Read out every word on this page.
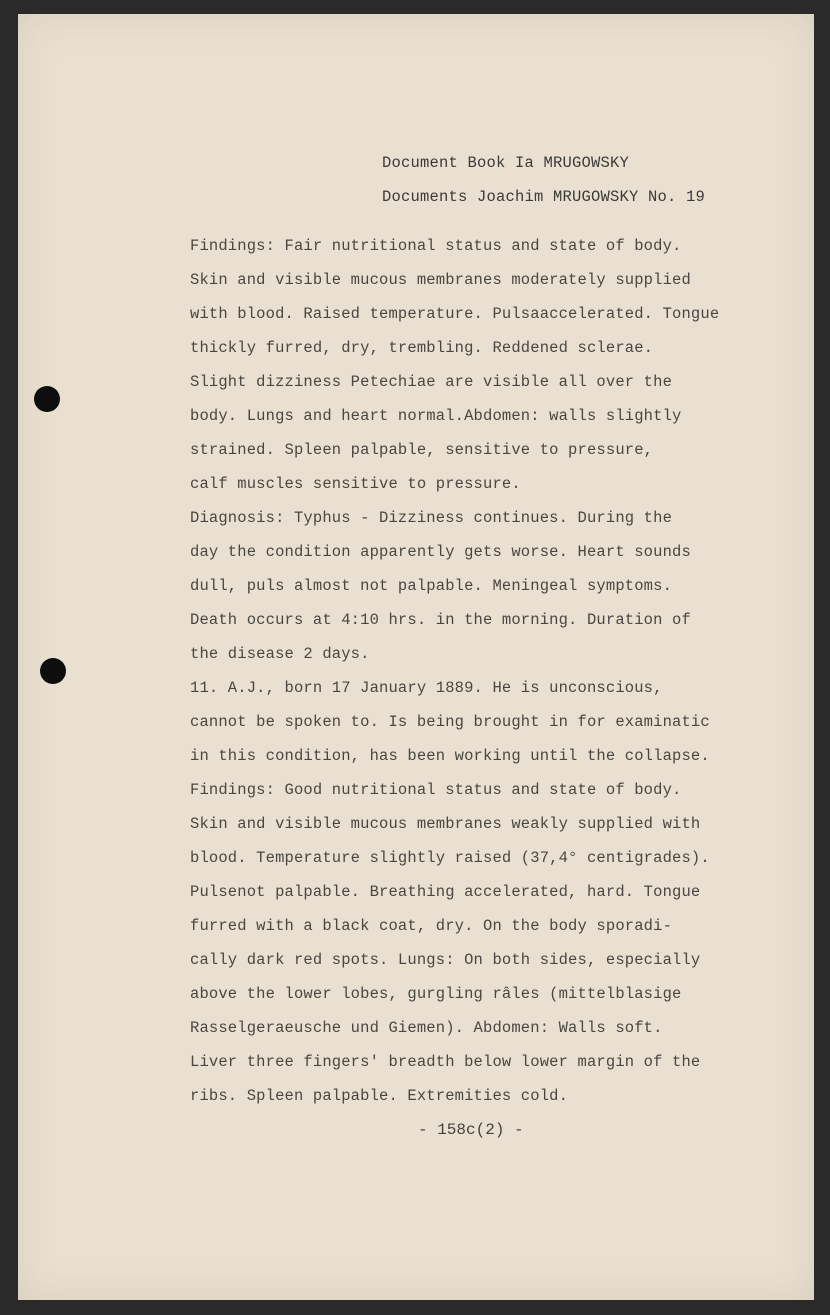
Document Book Ia MRUGOWSKY
Documents Joachim MRUGOWSKY No. 19
Findings: Fair nutritional status and state of body.
Skin and visible mucous membranes moderately supplied
with blood. Raised temperature. Pulsaaccelerated. Tongue
thickly furred, dry, trembling. Reddened sclerae.
Slight dizziness Petechiae are visible all over the
body. Lungs and heart normal.Abdomen: walls slightly
strained. Spleen palpable, sensitive to pressure,
calf muscles sensitive to pressure.
Diagnosis: Typhus - Dizziness continues. During the
day the condition apparently gets worse. Heart sounds
dull, puls almost not palpable. Meningeal symptoms.
Death occurs at 4:10 hrs. in the morning. Duration of
the disease 2 days.
11. A.J., born 17 January 1889. He is unconscious,
cannot be spoken to. Is being brought in for examinatic
in this condition, has been working until the collapse.
Findings: Good nutritional status and state of body.
Skin and visible mucous membranes weakly supplied with
blood. Temperature slightly raised (37,4° centigrades).
Pulsenot palpable. Breathing accelerated, hard. Tongue
furred with a black coat, dry. On the body sporadi-
cally dark red spots. Lungs: On both sides, especially
above the lower lobes, gurgling râles (mittelblasige
Rasselgeraeusche und Giemen). Abdomen: Walls soft.
Liver three fingers' breadth below lower margin of the
ribs. Spleen palpable. Extremities cold.
- 158c(2) -
